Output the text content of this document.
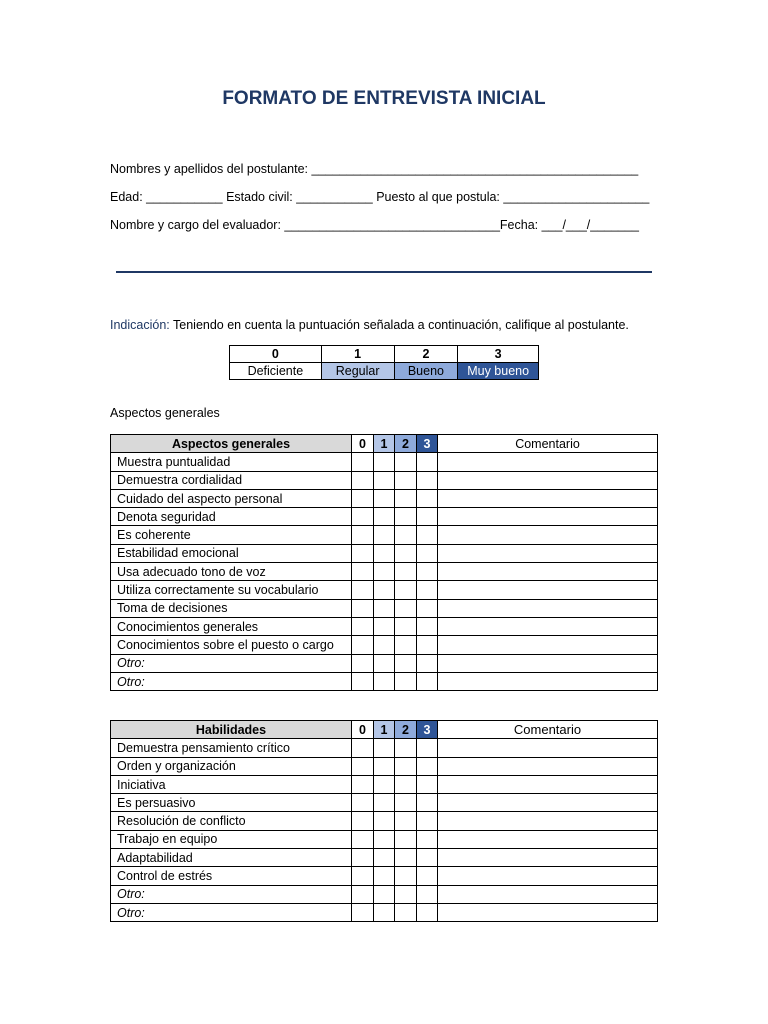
FORMATO DE ENTREVISTA INICIAL
Nombres y apellidos del postulante: _______________________________________________
Edad: ___________ Estado civil: ___________ Puesto al que postula: _____________________
Nombre y cargo del evaluador: _______________________________Fecha: ___/___/_______
Indicación: Teniendo en cuenta la puntuación señalada a continuación, califique al postulante.
0	1	2	3
Deficiente	Regular	Bueno	Muy bueno
Aspectos generales
Aspectos generales	0	1	2	3	Comentario
Muestra puntualidad					
Demuestra cordialidad					
Cuidado del aspecto personal					
Denota seguridad					
Es coherente					
Estabilidad emocional					
Usa adecuado tono de voz					
Utiliza correctamente su vocabulario					
Toma de decisiones					
Conocimientos generales					
Conocimientos sobre el puesto o cargo					
Otro:					
Otro:					
Habilidades	0	1	2	3	Comentario
Demuestra pensamiento crítico					
Orden y organización					
Iniciativa					
Es persuasivo					
Resolución de conflicto					
Trabajo en equipo					
Adaptabilidad					
Control de estrés					
Otro:					
Otro:					
